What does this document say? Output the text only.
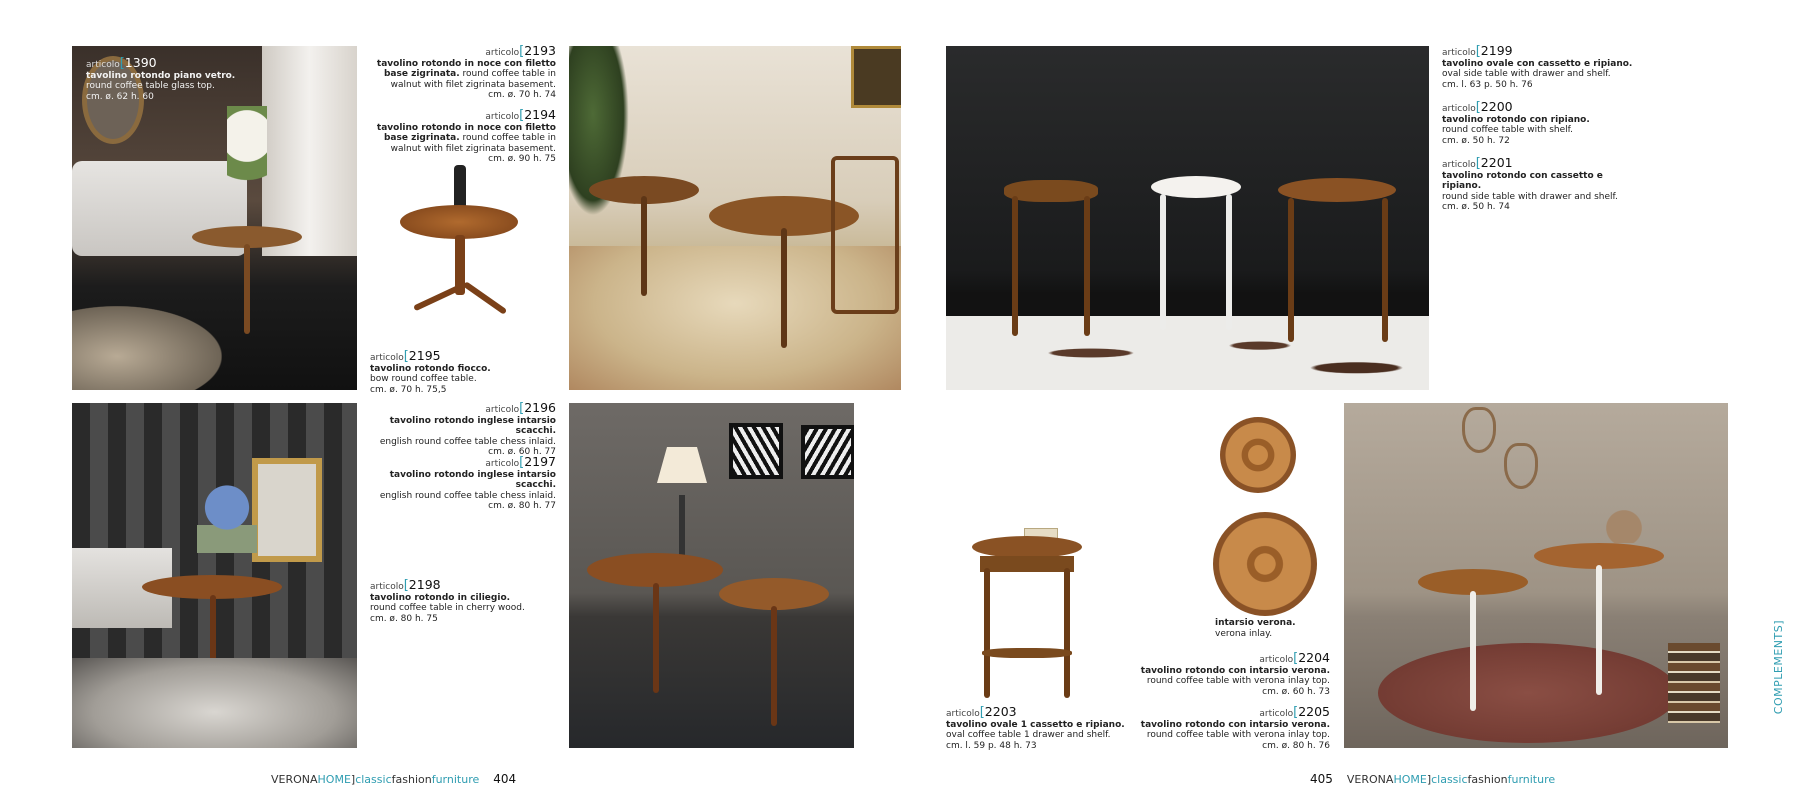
articolo[1390
tavolino rotondo piano vetro.
round coffee table glass top.
cm. ø. 62 h. 60
articolo[2193
tavolino rotondo in noce con filetto base zigrinata. round coffee table in walnut with filet zigrinata basement.
cm. ø. 70 h. 74
articolo[2194
tavolino rotondo in noce con filetto base zigrinata. round coffee table in walnut with filet zigrinata basement.
cm. ø. 90 h. 75
articolo[2195
tavolino rotondo fiocco.
bow round coffee table.
cm. ø. 70 h. 75,5
articolo[2196
tavolino rotondo inglese intarsio scacchi.
english round coffee table chess inlaid.
cm. ø. 60 h. 77
articolo[2197
tavolino rotondo inglese intarsio scacchi.
english round coffee table chess inlaid.
cm. ø. 80 h. 77
articolo[2198
tavolino rotondo in ciliegio.
round coffee table in cherry wood.
cm. ø. 80 h. 75
VERONAHOME]classicfashionfurniture 404
articolo[2199
tavolino ovale con cassetto e ripiano.
oval side table with drawer and shelf.
cm. l. 63 p. 50 h. 76
articolo[2200
tavolino rotondo con ripiano.
round coffee table with shelf.
cm. ø. 50 h. 72
articolo[2201
tavolino rotondo con cassetto e ripiano.
round side table with drawer and shelf.
cm. ø. 50 h. 74
articolo[2203
tavolino ovale 1 cassetto e ripiano.
oval coffee table 1 drawer and shelf.
cm. l. 59 p. 48 h. 73
intarsio verona.
verona inlay.
articolo[2204
tavolino rotondo con intarsio verona.
round coffee table with verona inlay top.
cm. ø. 60 h. 73
articolo[2205
tavolino rotondo con intarsio verona.
round coffee table with verona inlay top.
cm. ø. 80 h. 76
COMPLEMENTS]
405 VERONAHOME]classicfashionfurniture
